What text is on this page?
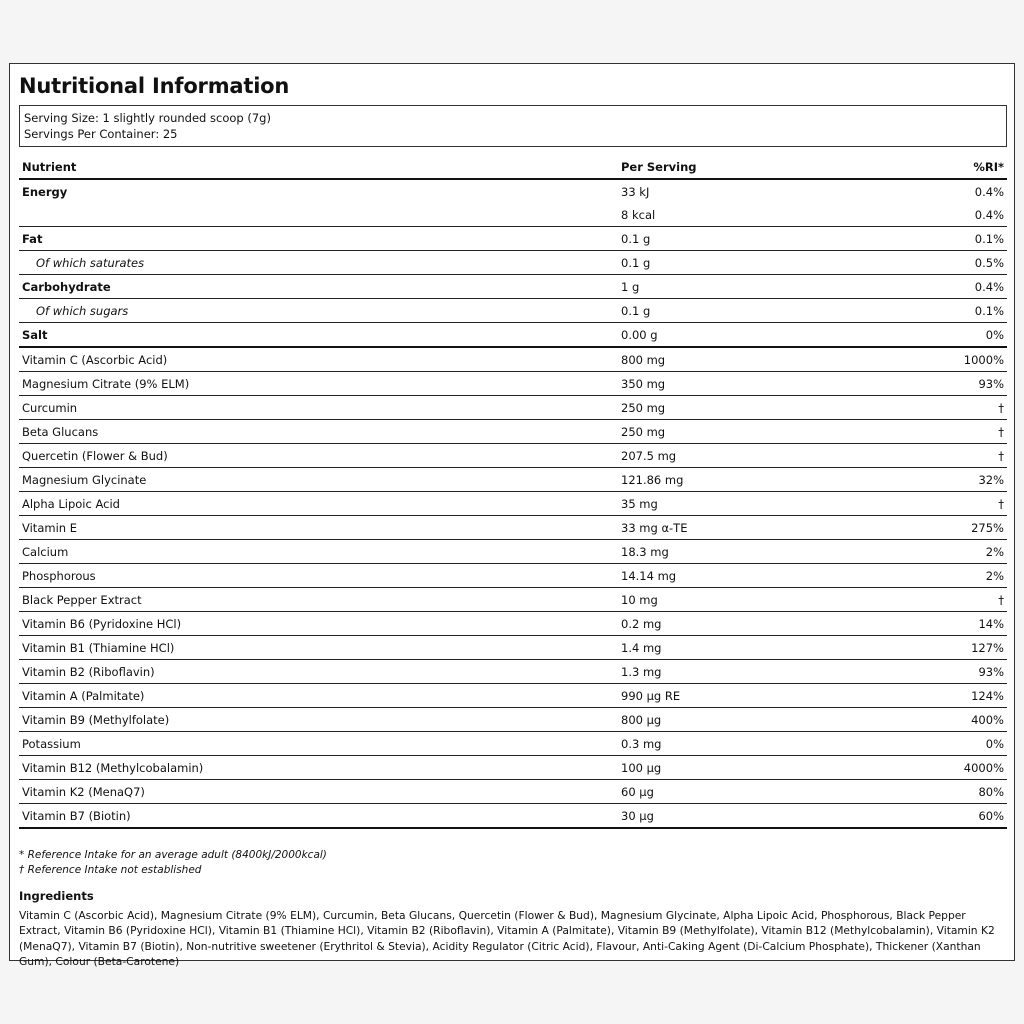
Nutritional Information
Serving Size: 1 slightly rounded scoop (7g)
Servings Per Container: 25
Nutrient	Per Serving	%RI*
Energy	33 kJ	0.4%
	8 kcal	0.4%
Fat	0.1 g	0.1%
Of which saturates	0.1 g	0.5%
Carbohydrate	1 g	0.4%
Of which sugars	0.1 g	0.1%
Salt	0.00 g	0%
Vitamin C (Ascorbic Acid)	800 mg	1000%
Magnesium Citrate (9% ELM)	350 mg	93%
Curcumin	250 mg	†
Beta Glucans	250 mg	†
Quercetin (Flower & Bud)	207.5 mg	†
Magnesium Glycinate	121.86 mg	32%
Alpha Lipoic Acid	35 mg	†
Vitamin E	33 mg α-TE	275%
Calcium	18.3 mg	2%
Phosphorous	14.14 mg	2%
Black Pepper Extract	10 mg	†
Vitamin B6 (Pyridoxine HCl)	0.2 mg	14%
Vitamin B1 (Thiamine HCl)	1.4 mg	127%
Vitamin B2 (Riboflavin)	1.3 mg	93%
Vitamin A (Palmitate)	990 µg RE	124%
Vitamin B9 (Methylfolate)	800 µg	400%
Potassium	0.3 mg	0%
Vitamin B12 (Methylcobalamin)	100 µg	4000%
Vitamin K2 (MenaQ7)	60 µg	80%
Vitamin B7 (Biotin)	30 µg	60%
* Reference Intake for an average adult (8400kJ/2000kcal)
† Reference Intake not established
Ingredients
Vitamin C (Ascorbic Acid), Magnesium Citrate (9% ELM), Curcumin, Beta Glucans, Quercetin (Flower & Bud), Magnesium Glycinate, Alpha Lipoic Acid, Phosphorous, Black Pepper Extract, Vitamin B6 (Pyridoxine HCl), Vitamin B1 (Thiamine HCl), Vitamin B2 (Riboflavin), Vitamin A (Palmitate), Vitamin B9 (Methylfolate), Vitamin B12 (Methylcobalamin), Vitamin K2 (MenaQ7), Vitamin B7 (Biotin), Non-nutritive sweetener (Erythritol & Stevia), Acidity Regulator (Citric Acid), Flavour, Anti-Caking Agent (Di-Calcium Phosphate), Thickener (Xanthan Gum), Colour (Beta-Carotene)
